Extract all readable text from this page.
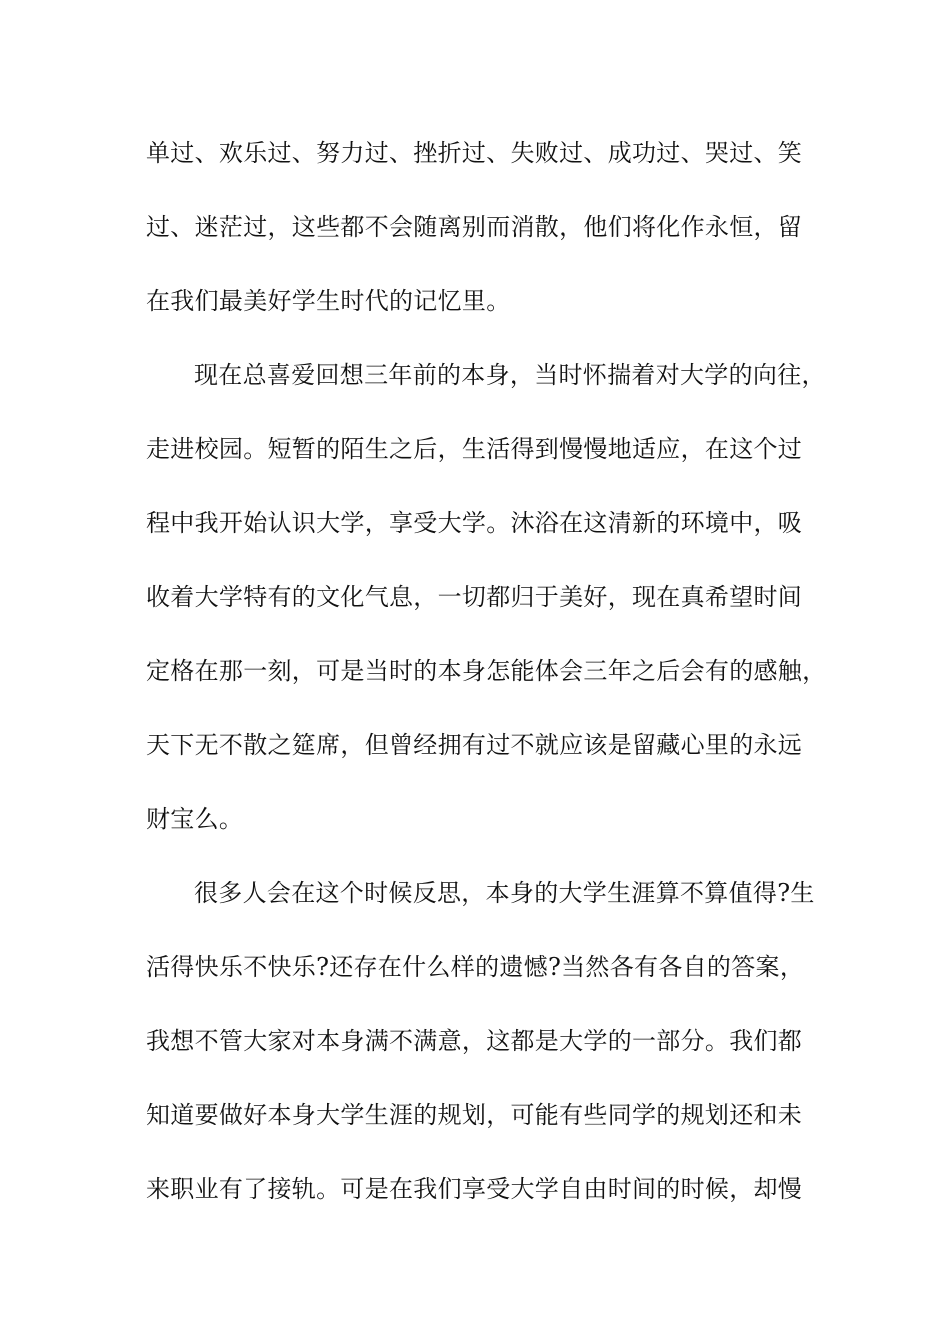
单过、欢乐过、努力过、挫折过、失败过、成功过、哭过、笑
过、迷茫过，这些都不会随离别而消散，他们将化作永恒，留
在我们最美好学生时代的记忆里。
现在总喜爱回想三年前的本身，当时怀揣着对大学的向往，
走进校园。短暂的陌生之后，生活得到慢慢地适应，在这个过
程中我开始认识大学，享受大学。沐浴在这清新的环境中，吸
收着大学特有的文化气息，一切都归于美好，现在真希望时间
定格在那一刻，可是当时的本身怎能体会三年之后会有的感触，
天下无不散之筵席，但曾经拥有过不就应该是留藏心里的永远
财宝么。
很多人会在这个时候反思，本身的大学生涯算不算值得?生
活得快乐不快乐?还存在什么样的遗憾?当然各有各自的答案，
我想不管大家对本身满不满意，这都是大学的一部分。我们都
知道要做好本身大学生涯的规划，可能有些同学的规划还和未
来职业有了接轨。可是在我们享受大学自由时间的时候，却慢
